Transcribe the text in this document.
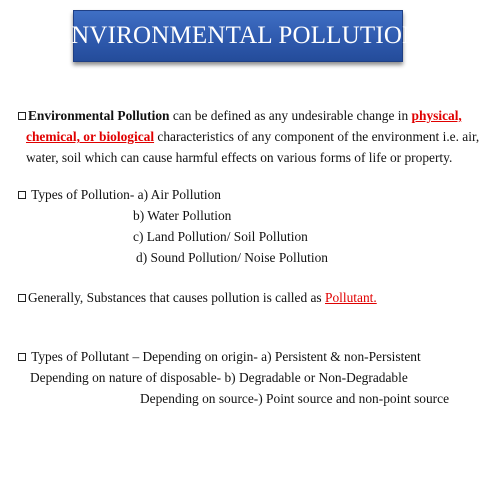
ENVIRONMENTAL POLLUTION
Environmental Pollution can be defined as any undesirable change in physical,
chemical, or biological characteristics of any component of the environment i.e. air,
water, soil which can cause harmful effects on various forms of life or property.
Types of Pollution- a) Air Pollution
b) Water Pollution
c) Land Pollution/ Soil Pollution
d) Sound Pollution/ Noise Pollution
Generally, Substances that causes pollution is called as Pollutant.
Types of Pollutant – Depending on origin- a) Persistent & non-Persistent
Depending on nature of disposable- b) Degradable or Non-Degradable
Depending on source-) Point source and non-point source
